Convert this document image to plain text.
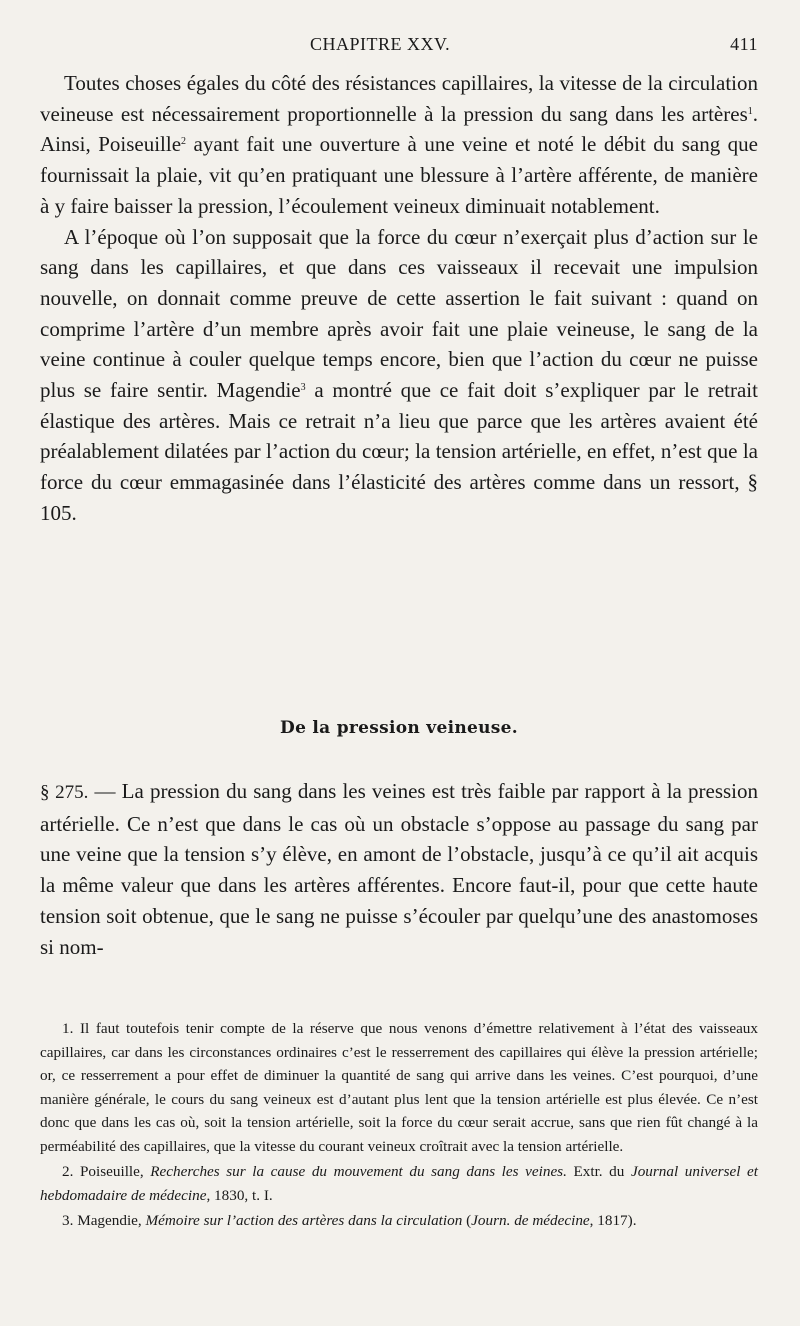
CHAPITRE XXV.	411

Toutes choses égales du côté des résistances capillaires, la vitesse de la circulation veineuse est nécessairement proportionnelle à la pression du sang dans les artères$^1$. Ainsi, Poiseuille$^2$ ayant fait une ouverture à une veine et noté le débit du sang que fournissait la plaie, vit qu’en pratiquant une blessure à l’artère afférente, de manière à y faire baisser la pression, l’écoulement veineux diminuait notablement.

A l’époque où l’on supposait que la force du cœur n’exerçait plus d’action sur le sang dans les capillaires, et que dans ces vaisseaux il recevait une impulsion nouvelle, on donnait comme preuve de cette assertion le fait suivant : quand on comprime l’artère d’un membre après avoir fait une plaie veineuse, le sang de la veine continue à couler quelque temps encore, bien que l’action du cœur ne puisse plus se faire sentir. Magendie$^3$ a montré que ce fait doit s’expliquer par le retrait élastique des artères. Mais ce retrait n’a lieu que parce que les artères avaient été préalablement dilatées par l’action du cœur; la tension artérielle, en effet, n’est que la force du cœur emmagasinée dans l’élasticité des artères comme dans un ressort, § 105.

De la pression veineuse.

§ 275. — La pression du sang dans les veines est très faible par rapport à la pression artérielle. Ce n’est que dans le cas où un obstacle s’oppose au passage du sang par une veine que la tension s’y élève, en amont de l’obstacle, jusqu’à ce qu’il ait acquis la même valeur que dans les artères afférentes. Encore faut-il, pour que cette haute tension soit obtenue, que le sang ne puisse s’écouler par quelqu’une des anastomoses si nom-

1. Il faut toutefois tenir compte de la réserve que nous venons d’émettre relativement à l’état des vaisseaux capillaires, car dans les circonstances ordinaires c’est le resserrement des capillaires qui élève la pression artérielle; or, ce resserrement a pour effet de diminuer la quantité de sang qui arrive dans les veines. C’est pourquoi, d’une manière générale, le cours du sang veineux est d’autant plus lent que la tension artérielle est plus élevée. Ce n’est donc que dans les cas où, soit la tension artérielle, soit la force du cœur serait accrue, sans que rien fût changé à la perméabilité des capillaires, que la vitesse du courant veineux croîtrait avec la tension artérielle.

2. Poiseuille, Recherches sur la cause du mouvement du sang dans les veines. Extr. du Journal universel et hebdomadaire de médecine, 1830, t. I.

3. Magendie, Mémoire sur l’action des artères dans la circulation (Journ. de médecine, 1817).
